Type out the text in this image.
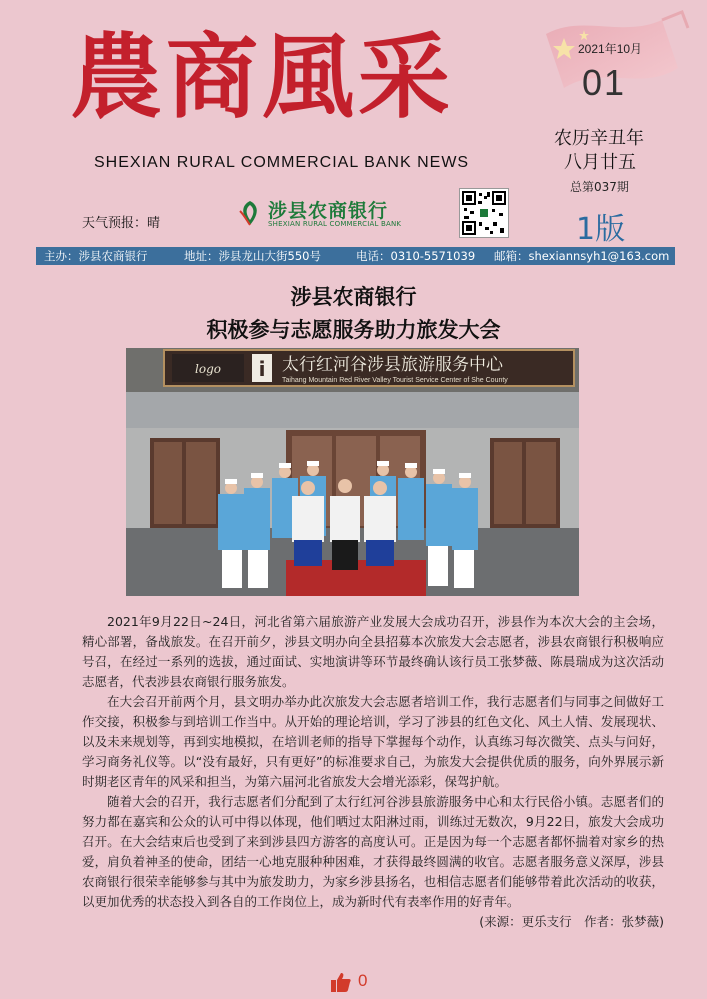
農商風采
SHEXIAN RURAL COMMERCIAL BANK NEWS
2021年10月
01
农历辛丑年
八月廿五
总第037期
1版
天气预报：晴
涉县农商银行
SHEXIAN RURAL COMMERCIAL BANK
主办：涉县农商银行	地址：涉县龙山大街550号	电话：0310-5571039 邮箱：shexiannsyh1@163.com
涉县农商银行
积极参与志愿服务助力旅发大会
logo i 太行红河谷涉县旅游服务中心
Taihang Mountain Red River Valley Tourist Service Center of She County

2021年9月22日~24日，河北省第六届旅游产业发展大会成功召开，涉县作为本次大会的主会场，精心部署，备战旅发。在召开前夕，涉县文明办向全县招募本次旅发大会志愿者，涉县农商银行积极响应号召，在经过一系列的选拔，通过面试、实地演讲等环节最终确认该行员工张梦薇、陈晨瑞成为这次活动志愿者，代表涉县农商银行服务旅发。

在大会召开前两个月，县文明办举办此次旅发大会志愿者培训工作，我行志愿者们与同事之间做好工作交接，积极参与到培训工作当中。从开始的理论培训，学习了涉县的红色文化、风土人情、发展现状、以及未来规划等，再到实地模拟，在培训老师的指导下掌握每个动作，认真练习每次微笑、点头与问好，学习商务礼仪等。以“没有最好，只有更好”的标准要求自己，为旅发大会提供优质的服务，向外界展示新时期老区青年的风采和担当，为第六届河北省旅发大会增光添彩，保驾护航。

随着大会的召开，我行志愿者们分配到了太行红河谷涉县旅游服务中心和太行民俗小镇。志愿者们的努力都在嘉宾和公众的认可中得以体现，他们晒过太阳淋过雨，训练过无数次，9月22日，旅发大会成功召开。在大会结束后也受到了来到涉县四方游客的高度认可。正是因为每一个志愿者都怀揣着对家乡的热爱，肩负着神圣的使命，团结一心地克服种种困难，才获得最终圆满的收官。志愿者服务意义深厚，涉县农商银行很荣幸能够参与其中为旅发助力，为家乡涉县扬名，也相信志愿者们能够带着此次活动的收获，以更加优秀的状态投入到各自的工作岗位上，成为新时代有表率作用的好青年。

(来源：更乐支行　作者：张梦薇)

0
